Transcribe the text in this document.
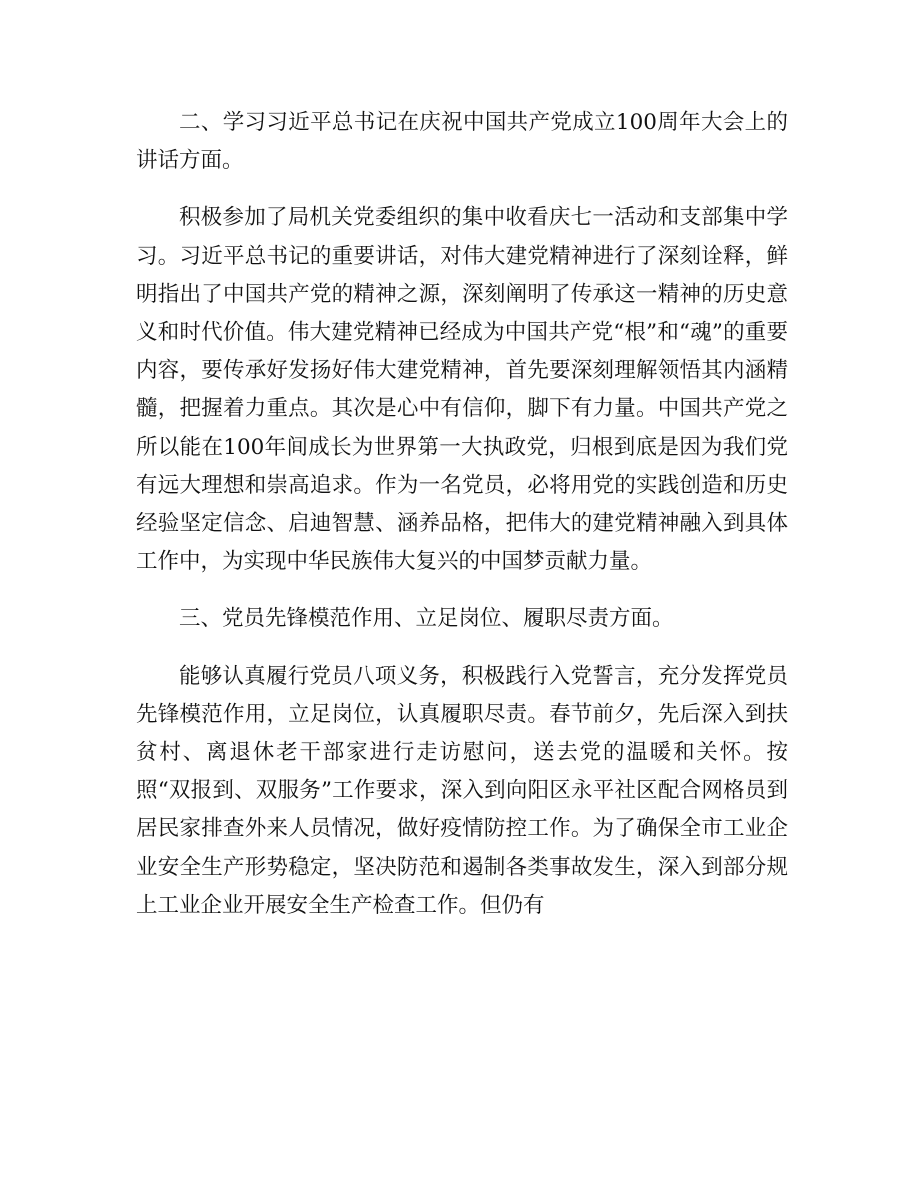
二、学习习近平总书记在庆祝中国共产党成立100周年大会上的讲话方面。

积极参加了局机关党委组织的集中收看庆七一活动和支部集中学习。习近平总书记的重要讲话，对伟大建党精神进行了深刻诠释，鲜明指出了中国共产党的精神之源，深刻阐明了传承这一精神的历史意义和时代价值。伟大建党精神已经成为中国共产党“根”和“魂”的重要内容，要传承好发扬好伟大建党精神，首先要深刻理解领悟其内涵精髓，把握着力重点。其次是心中有信仰，脚下有力量。中国共产党之所以能在100年间成长为世界第一大执政党，归根到底是因为我们党有远大理想和崇高追求。作为一名党员，必将用党的实践创造和历史经验坚定信念、启迪智慧、涵养品格，把伟大的建党精神融入到具体工作中，为实现中华民族伟大复兴的中国梦贡献力量。

三、党员先锋模范作用、立足岗位、履职尽责方面。

能够认真履行党员八项义务，积极践行入党誓言，充分发挥党员先锋模范作用，立足岗位，认真履职尽责。春节前夕，先后深入到扶贫村、离退休老干部家进行走访慰问，送去党的温暖和关怀。按照“双报到、双服务”工作要求，深入到向阳区永平社区配合网格员到居民家排查外来人员情况，做好疫情防控工作。为了确保全市工业企业安全生产形势稳定，坚决防范和遏制各类事故发生，深入到部分规上工业企业开展安全生产检查工作。但仍有
